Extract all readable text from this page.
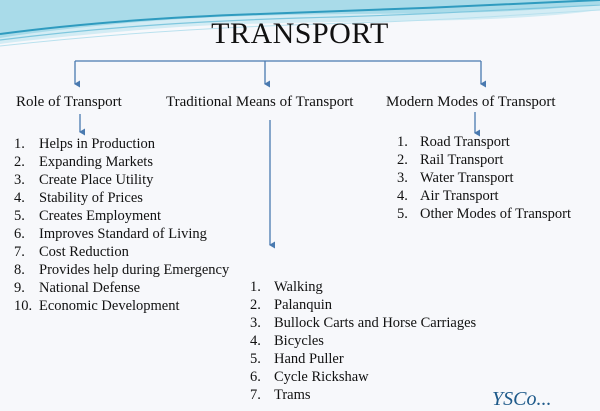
TRANSPORT
Role of Transport	Traditional Means of Transport Modern Modes of Transport
1. Helps in Production
2. Expanding Markets
3. Create Place Utility
4. Stability of Prices
5. Creates Employment
6. Improves Standard of Living
7. Cost Reduction
8. Provides help during Emergency
9. National Defense
10. Economic Development
1. Walking
2. Palanquin
3. Bullock Carts and Horse Carriages
4. Bicycles
5. Hand Puller
6. Cycle Rickshaw
7. Trams
1. Road Transport
2. Rail Transport
3. Water Transport
4. Air Transport
5. Other Modes of Transport
YSCo...
